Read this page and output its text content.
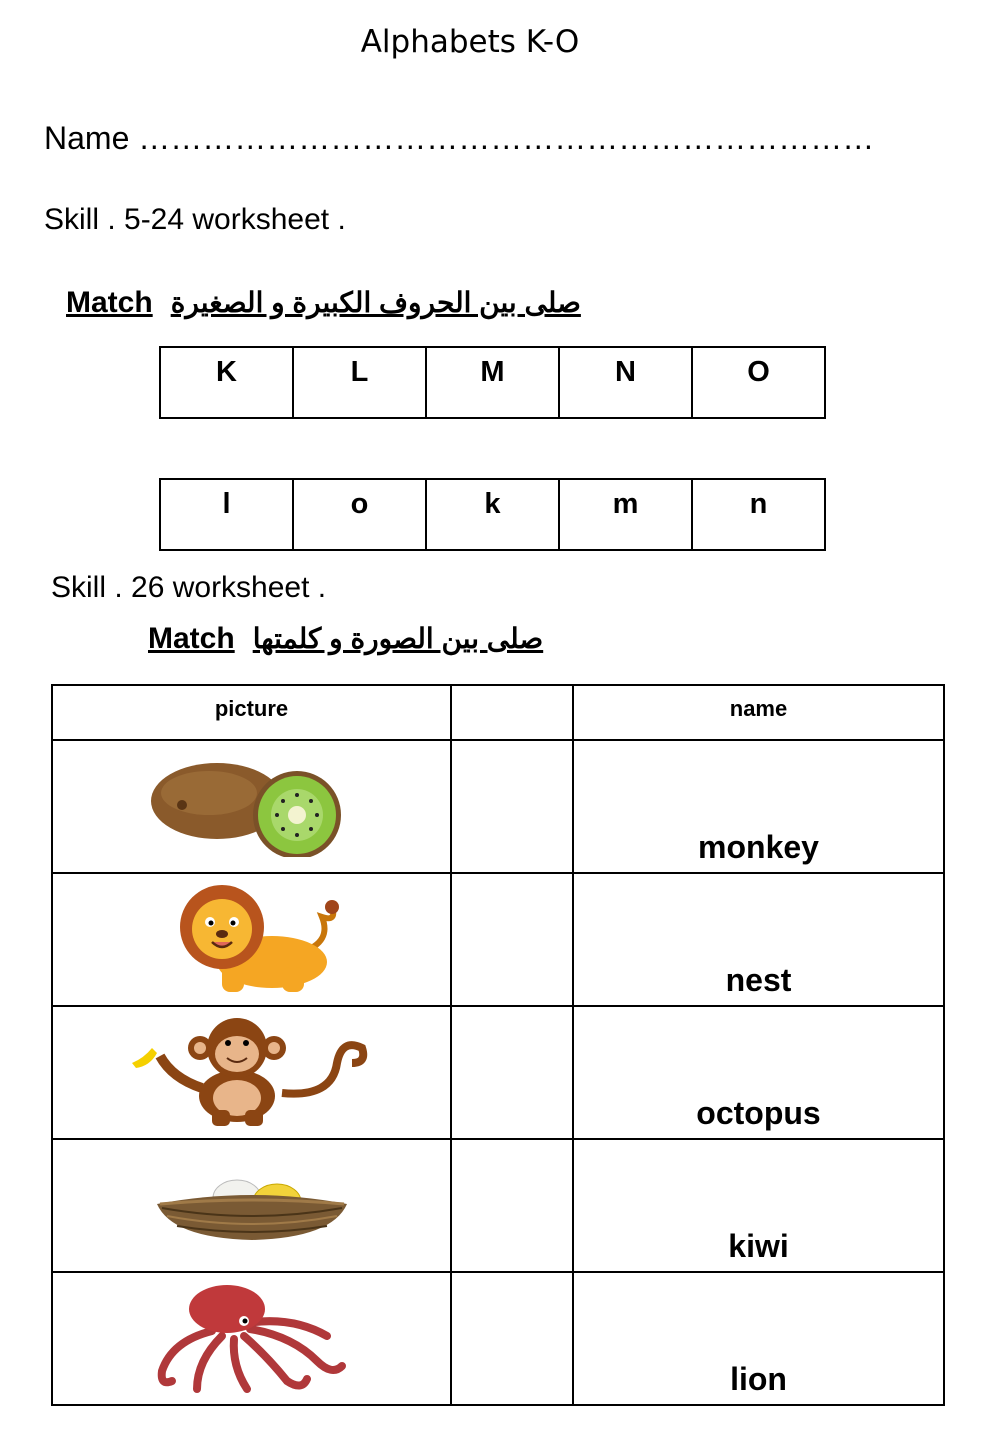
Alphabets K-O
Name ……………………………………………………………
Skill . 5-24 worksheet .
Match صلى بين الحروف الكبيرة و الصغيرة
K	L	M	N	O
l	o	k	m	n
Skill . 26 worksheet .
Match صلى بين الصورة و كلمتها
picture		name
		monkey
		nest
		octopus
		kiwi
		lion
